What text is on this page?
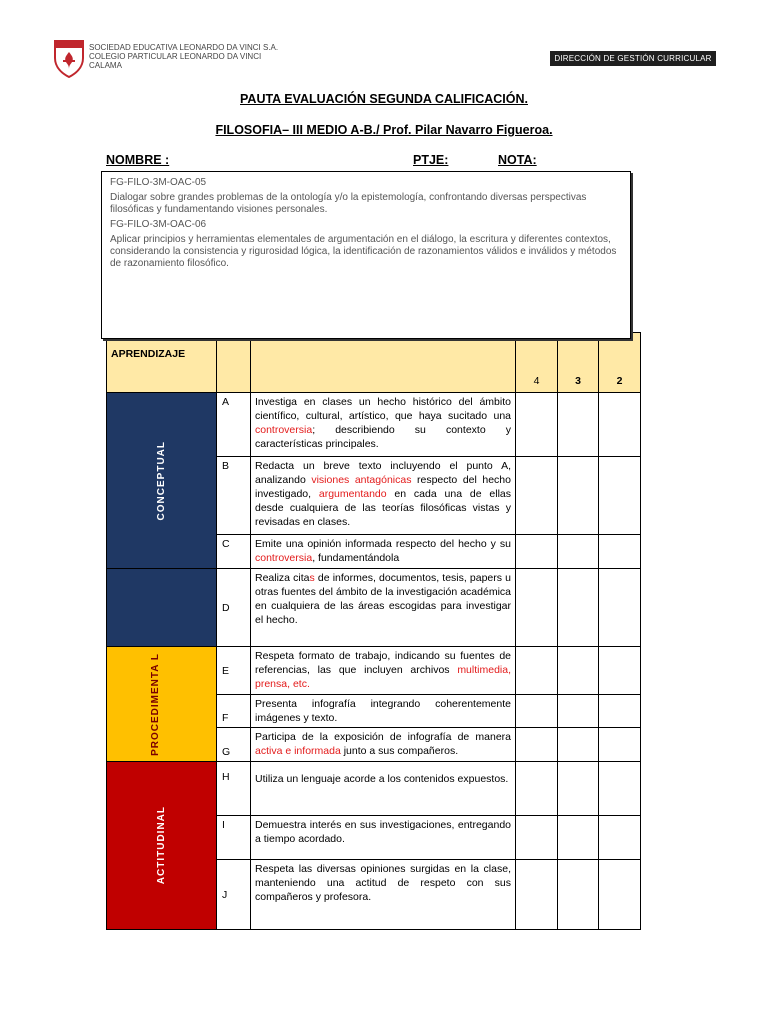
SOCIEDAD EDUCATIVA LEONARDO DA VINCI S.A.
COLEGIO PARTICULAR LEONARDO DA VINCI
CALAMA
DIRECCIÓN DE GESTIÓN CURRICULAR
PAUTA EVALUACIÓN SEGUNDA CALIFICACIÓN.
FILOSOFIA– III MEDIO A-B./ Prof. Pilar Navarro Figueroa.
NOMBRE :	PTJE:	NOTA:
APRENDIZAJE			4	3	2

CONCEPTUAL	A	Investiga en clases un hecho histórico del ámbito científico, cultural, artístico, que haya sucitado una controversia; describiendo su contexto y características principales.			
	B	Redacta un breve texto incluyendo el punto A, analizando visiones antagónicas respecto del hecho investigado, argumentando en cada una de ellas desde cualquiera de las teorías filosóficas vistas y revisadas en clases.			
	C	Emite una opinión informada respecto del hecho y su controversia, fundamentándola			
	D	Realiza citas de informes, documentos, tesis, papers u otras fuentes del ámbito de la investigación académica en cualquiera de las áreas escogidas para investigar el hecho.			

PROCEDIMENTA L	E	Respeta formato de trabajo, indicando su fuentes de referencias, las que incluyen archivos multimedia, prensa, etc.			
	F	Presenta infografía integrando coherentemente imágenes y texto.			
	G	Participa de la exposición de infografía de manera activa e informada junto a sus compañeros.			

ACTITUDINAL	H	Utiliza un lenguaje acorde a los contenidos expuestos.			
	I	Demuestra interés en sus investigaciones, entregando a tiempo acordado.			
	J	Respeta las diversas opiniones surgidas en la clase, manteniendo una actitud de respeto con sus compañeros y profesora.			

FG-FILO-3M-OAC-05

Dialogar sobre grandes problemas de la ontología y/o la epistemología, confrontando diversas perspectivas filosóficas y fundamentando visiones personales.

FG-FILO-3M-OAC-06

Aplicar principios y herramientas elementales de argumentación en el diálogo, la escritura y diferentes contextos, considerando la consistencia y rigurosidad lógica, la identificación de razonamientos válidos e inválidos y métodos de razonamiento filosófico.
